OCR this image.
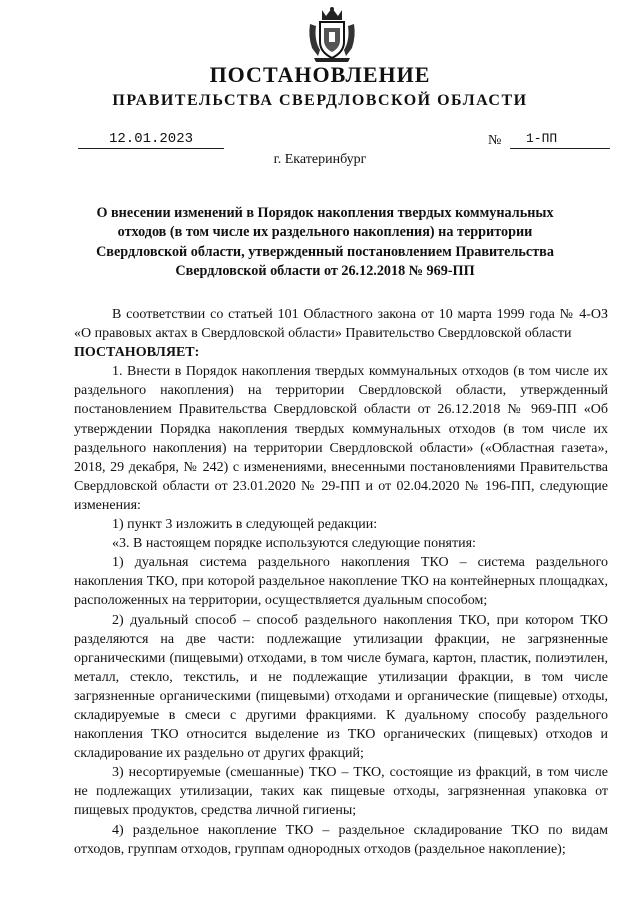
ПОСТАНОВЛЕНИЕ
ПРАВИТЕЛЬСТВА СВЕРДЛОВСКОЙ ОБЛАСТИ
12.01.2023	№	1-ПП
г. Екатеринбург
О внесении изменений в Порядок накопления твердых коммунальных отходов (в том числе их раздельного накопления) на территории Свердловской области, утвержденный постановлением Правительства Свердловской области от 26.12.2018 № 969-ПП

В соответствии со статьей 101 Областного закона от 10 марта 1999 года № 4-ОЗ «О правовых актах в Свердловской области» Правительство Свердловской области

ПОСТАНОВЛЯЕТ:

1. Внести в Порядок накопления твердых коммунальных отходов (в том числе их раздельного накопления) на территории Свердловской области, утвержденный постановлением Правительства Свердловской области от 26.12.2018 № 969-ПП «Об утверждении Порядка накопления твердых коммунальных отходов (в том числе их раздельного накопления) на территории Свердловской области» («Областная газета», 2018, 29 декабря, № 242) с изменениями, внесенными постановлениями Правительства Свердловской области от 23.01.2020 № 29-ПП и от 02.04.2020 № 196-ПП, следующие изменения:

1) пункт 3 изложить в следующей редакции:

«3. В настоящем порядке используются следующие понятия:

1) дуальная система раздельного накопления ТКО – система раздельного накопления ТКО, при которой раздельное накопление ТКО на контейнерных площадках, расположенных на территории, осуществляется дуальным способом;

2) дуальный способ – способ раздельного накопления ТКО, при котором ТКО разделяются на две части: подлежащие утилизации фракции, не загрязненные органическими (пищевыми) отходами, в том числе бумага, картон, пластик, полиэтилен, металл, стекло, текстиль, и не подлежащие утилизации фракции, в том числе загрязненные органическими (пищевыми) отходами и органические (пищевые) отходы, складируемые в смеси с другими фракциями. К дуальному способу раздельного накопления ТКО относится выделение из ТКО органических (пищевых) отходов и складирование их раздельно от других фракций;

3) несортируемые (смешанные) ТКО – ТКО, состоящие из фракций, в том числе не подлежащих утилизации, таких как пищевые отходы, загрязненная упаковка от пищевых продуктов, средства личной гигиены;

4) раздельное накопление ТКО – раздельное складирование ТКО по видам отходов, группам отходов, группам однородных отходов (раздельное накопление);
